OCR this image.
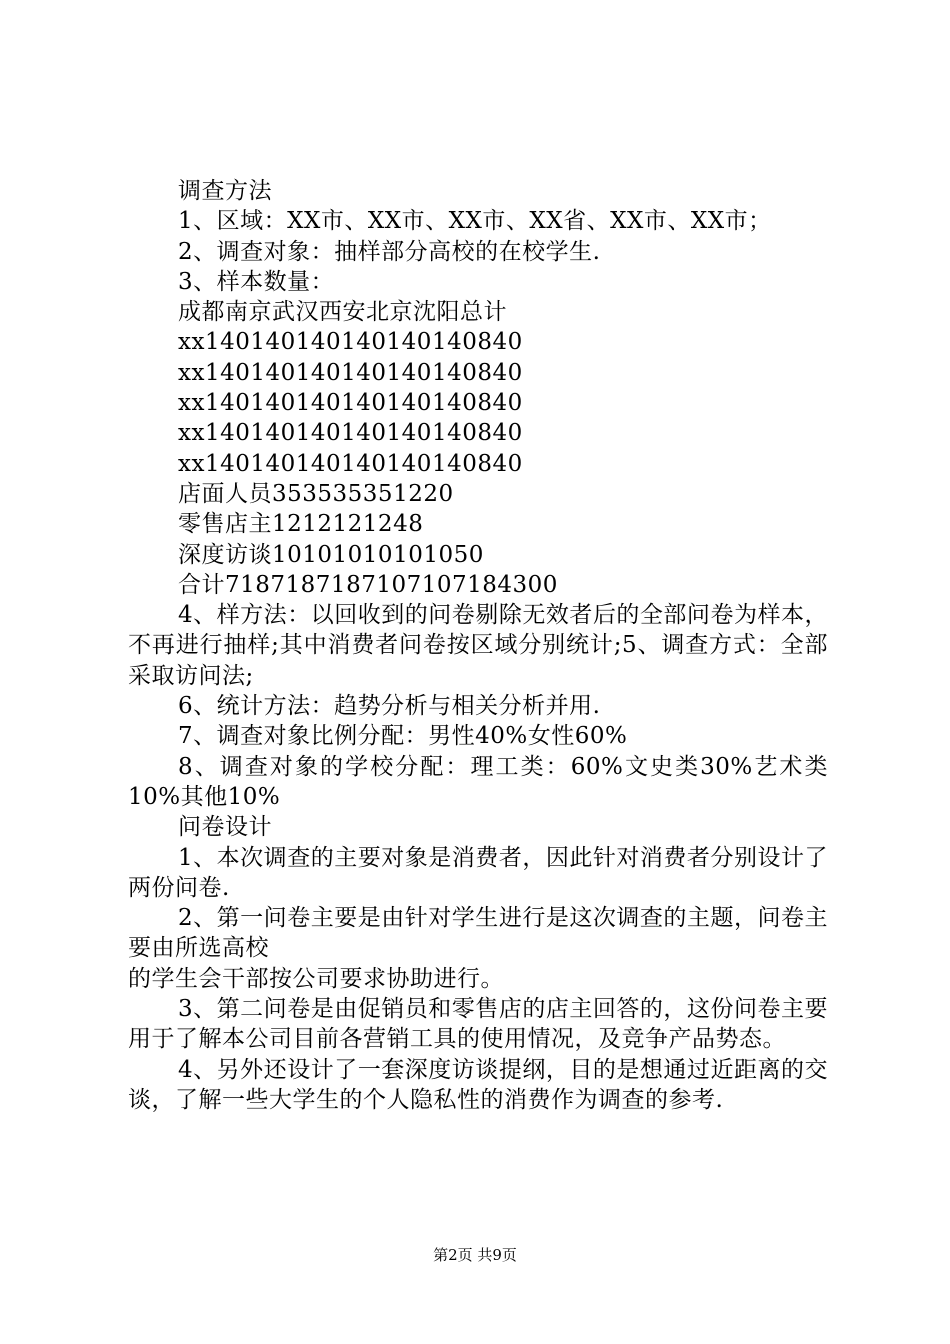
调查方法
1、区域：XX市、XX市、XX市、XX省、XX市、XX市；
2、调查对象：抽样部分高校的在校学生.
3、样本数量：
成都南京武汉西安北京沈阳总计
xx140140140140140140840
xx140140140140140140840
xx140140140140140140840
xx140140140140140140840
xx140140140140140140840
店面人员353535351220
零售店主1212121248
深度访谈10101010101050
合计718718718710710718430​0
4、样方法：以回收到的问卷剔除无效者后的全部问卷为样本，不再进行抽样;其中消费者问卷按区域分别统计;5、调查方式：全部采取访问法;
6、统计方法：趋势分析与相关分析并用.
7、调查对象比例分配：男性40%女性60%
8、调查对象的学校分配：理工类：60%文史类30%艺术类10%其他10%
问卷设计
1、本次调查的主要对象是消费者，因此针对消费者分别设计了两份问卷.
2、第一问卷主要是由针对学生进行是这次调查的主题，问卷主要由所选高校
的学生会干部按公司要求协助进行。
3、第二问卷是由促销员和零售店的店主回答的，这份问卷主要用于了解本公司目前各营销工具的使用情况，及竞争产品势态。
4、另外还设计了一套深度访谈提纲，目的是想通过近距离的交谈，了解一些大学生的个人隐私性的消费作为调查的参考.
第2页 共9页
